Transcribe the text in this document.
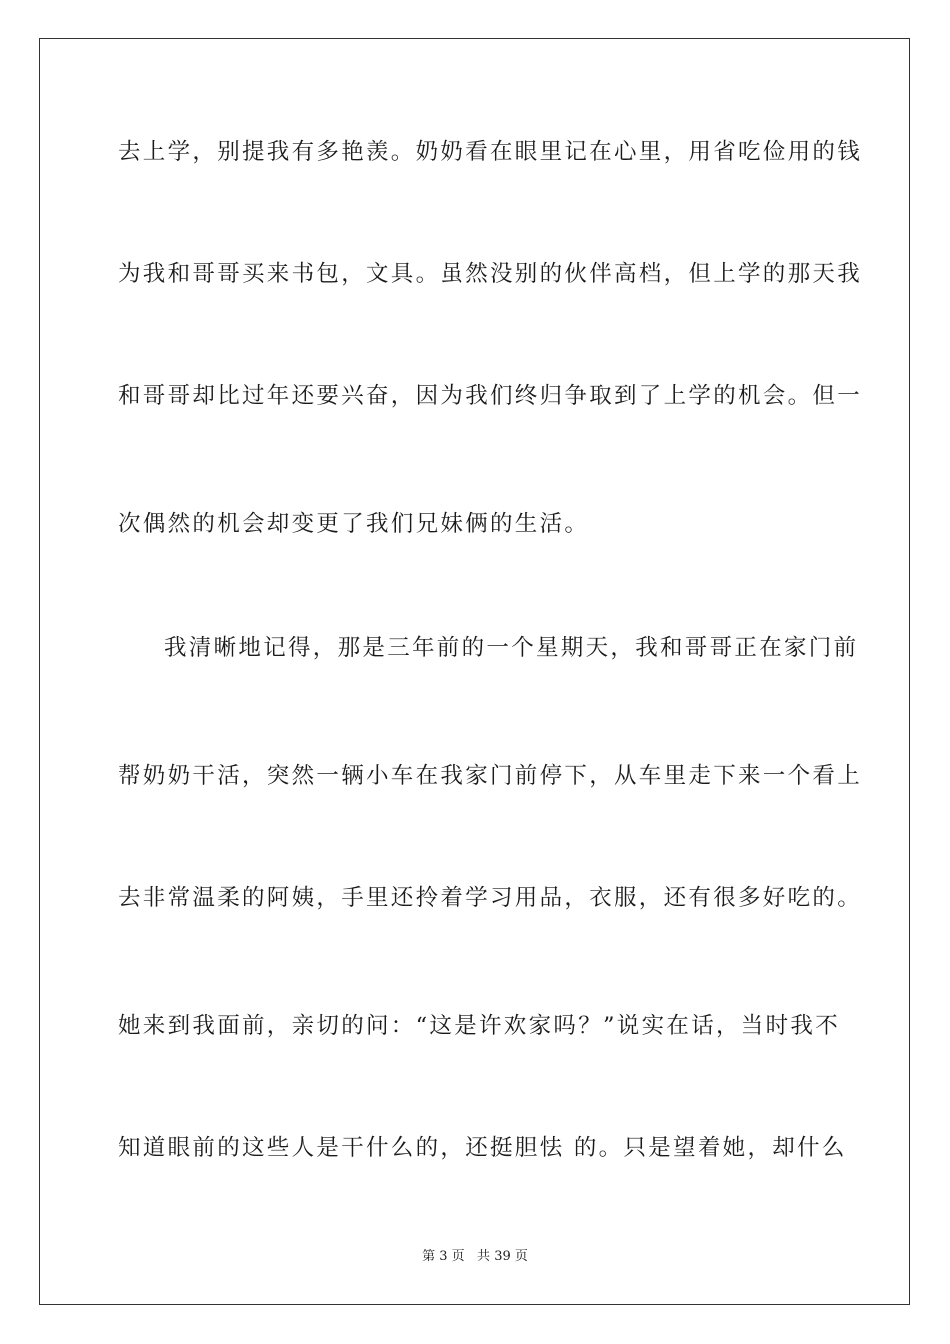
去上学，别提我有多艳羡。奶奶看在眼里记在心里，用省吃俭用的钱
为我和哥哥买来书包，文具。虽然没别的伙伴高档，但上学的那天我
和哥哥却比过年还要兴奋，因为我们终归争取到了上学的机会。但一
次偶然的机会却变更了我们兄妹俩的生活。
我清晰地记得，那是三年前的一个星期天，我和哥哥正在家门前
帮奶奶干活，突然一辆小车在我家门前停下，从车里走下来一个看上
去非常温柔的阿姨，手里还拎着学习用品，衣服，还有很多好吃的。
她来到我面前，亲切的问：“这是许欢家吗？”说实在话，当时我不
知道眼前的这些人是干什么的，还挺胆怯 的。只是望着她，却什么
第 3 页   共 39 页
